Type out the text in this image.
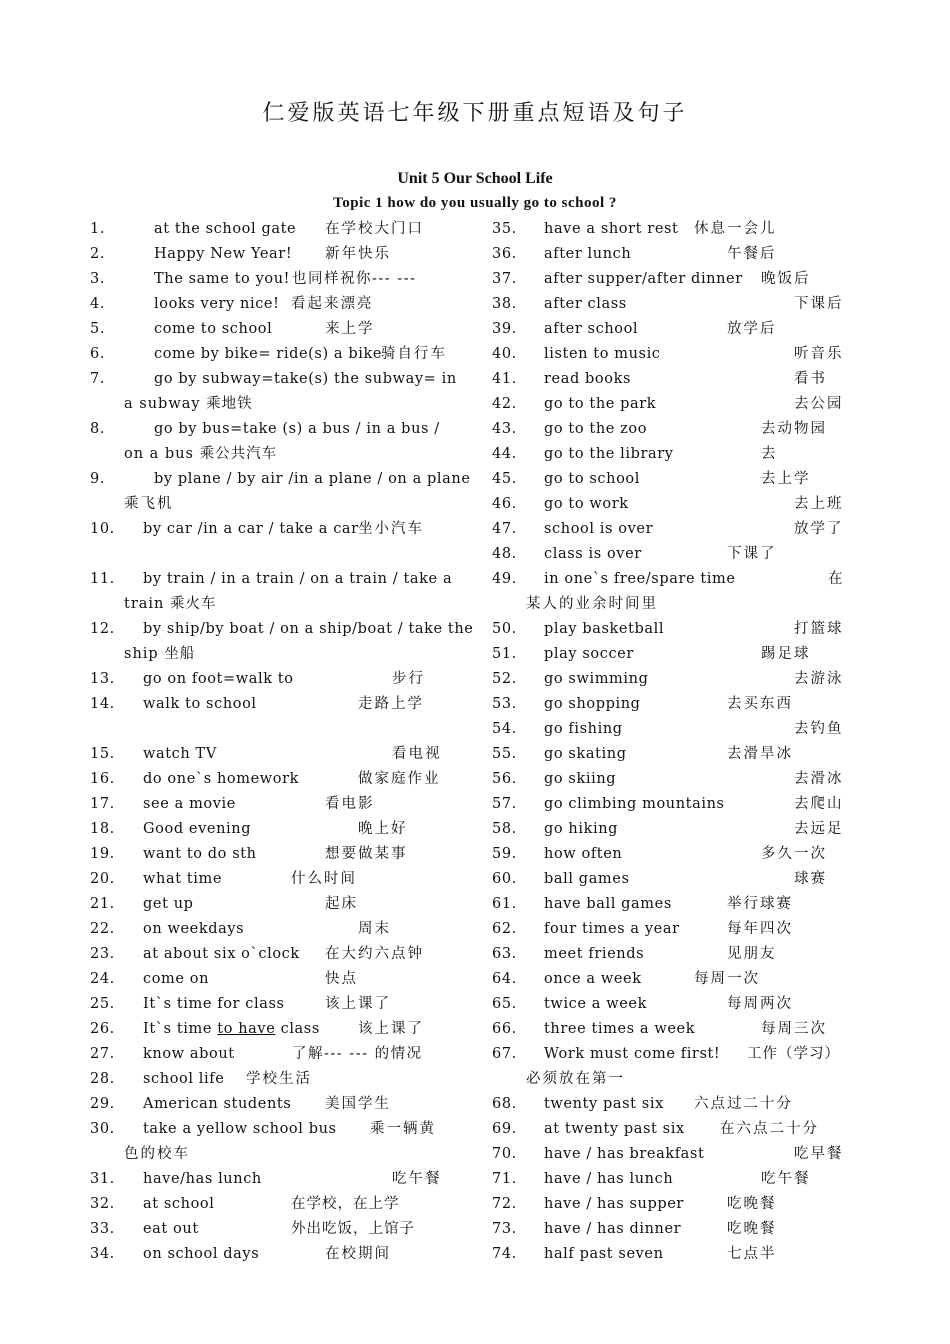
仁爱版英语七年级下册重点短语及句子
Unit 5 Our School Life
Topic 1 how do you usually go to school ?
1.	at the school gate 在学校大门口
2.	Happy New Year! 新年快乐
3.	The same to you! 也同样祝你--- ---
4.	looks very nice! 看起来漂亮
5.	come to school	来上学
6.	come by bike= ride(s) a bike
骑自行车
7.	go by subway=take(s) the subway= in
a subway 乘地铁
8.	go by bus=take (s) a bus / in a bus /
on a bus 乘公共汽车
9.	by plane / by air /in a plane / on a plane
乘飞机
10. by car /in a car / take a car 坐小汽车
11. by train / in a train / on a train / take a
train 乘火车
12. by ship/by boat / on a ship/boat / take the
ship 坐船
13. go on foot=walk to	步行
14. walk to school	走路上学
15. watch TV	看电视
16. do one`s homework	做家庭作业
17. see a movie	看电影
18. Good evening	晚上好
19. want to do sth	想要做某事
20. what time	什么时间
21. get up	起床
22. on weekdays	周末
23. at about six o`clock 在大约六点钟
24. come on	快点
25. It`s time for class	该上课了
26. It`s time to have class	该上课了
27. know about	了解--- --- 的情况
28. school life 学校生活
29. American students 美国学生
30. take a yellow school bus 乘一辆黄
色的校车
31. have/has lunch	吃午餐
32. at school	在学校，在上学
33. eat out	外出吃饭，上馆子
34. on school days	在校期间
35. have a short rest 休息一会儿
36. after lunch	午餐后
37. after supper/after dinner 晚饭后
38. after class	下课后
39. after school	放学后
40. listen to music	听音乐
41. read books	看书
42. go to the park	去公园
43. go to the zoo	去动物园
44. go to the library	去
45. go to school	去上学
46. go to work	去上班
47. school is over	放学了
48. class is over	下课了
49. in one`s free/spare time	在
某人的业余时间里
50. play basketball	打篮球
51. play soccer	踢足球
52. go swimming	去游泳
53. go shopping	去买东西
54. go fishing	去钓鱼
55. go skating	去滑旱冰
56. go skiing	去滑冰
57. go climbing mountains	去爬山
58. go hiking	去远足
59. how often	多久一次
60. ball games	球赛
61. have ball games	举行球赛
62. four times a year	每年四次
63. meet friends	见朋友
64. once a week	每周一次
65. twice a week	每周两次
66. three times a week	每周三次
67. Work must come first! 工作（学习）
必须放在第一
68. twenty past six 六点过二十分
69. at twenty past six 在六点二十分
70. have / has breakfast	吃早餐
71. have / has lunch	吃午餐
72. have / has supper	吃晚餐
73. have / has dinner	吃晚餐
74. half past seven	七点半
